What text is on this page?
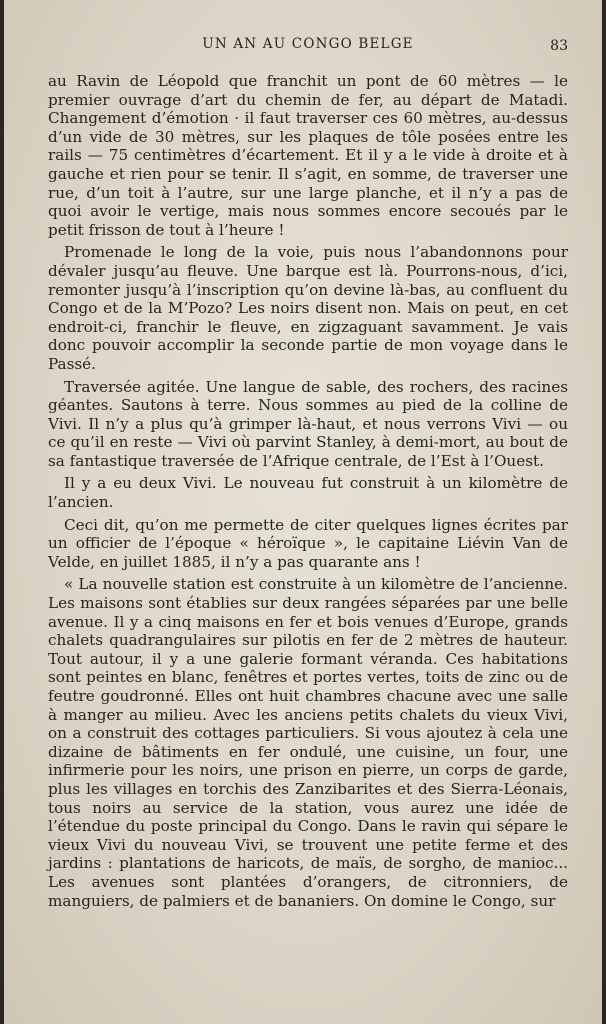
UN AN AU CONGO BELGE	83

au Ravin de Léopold que franchit un pont de 60 mètres — le premier ouvrage d’art du chemin de fer, au départ de Matadi. Changement d’émotion · il faut traverser ces 60 mètres, au-dessus d’un vide de 30 mètres, sur les plaques de tôle posées entre les rails — 75 centimètres d’écartement. Et il y a le vide à droite et à gauche et rien pour se tenir. Il s’agit, en somme, de traverser une rue, d’un toit à l’autre, sur une large planche, et il n’y a pas de quoi avoir le vertige, mais nous sommes encore secoués par le petit frisson de tout à l’heure !

Promenade le long de la voie, puis nous l’abandonnons pour dévaler jusqu’au fleuve. Une barque est là. Pourrons-nous, d’ici, remonter jusqu’à l’inscription qu’on devine là-bas, au confluent du Congo et de la M’Pozo? Les noirs disent non. Mais on peut, en cet endroit-ci, franchir le fleuve, en zigzaguant savamment. Je vais donc pouvoir accomplir la seconde partie de mon voyage dans le Passé.

Traversée agitée. Une langue de sable, des rochers, des racines géantes. Sautons à terre. Nous sommes au pied de la colline de Vivi. Il n’y a plus qu’à grimper là-haut, et nous verrons Vivi — ou ce qu’il en reste — Vivi où parvint Stanley, à demi-mort, au bout de sa fantastique traversée de l’Afrique centrale, de l’Est à l’Ouest.

Il y a eu deux Vivi. Le nouveau fut construit à un kilomètre de l’ancien.

Ceci dit, qu’on me permette de citer quelques lignes écrites par un officier de l’époque « héroïque », le capitaine Liévin Van de Velde, en juillet 1885, il n’y a pas quarante ans !

« La nouvelle station est construite à un kilomètre de l’ancienne. Les maisons sont établies sur deux rangées séparées par une belle avenue. Il y a cinq maisons en fer et bois venues d’Europe, grands chalets quadrangulaires sur pilotis en fer de 2 mètres de hauteur. Tout autour, il y a une galerie formant véranda. Ces habitations sont peintes en blanc, fenêtres et portes vertes, toits de zinc ou de feutre goudronné. Elles ont huit chambres chacune avec une salle à manger au milieu. Avec les anciens petits chalets du vieux Vivi, on a construit des cottages particuliers. Si vous ajoutez à cela une dizaine de bâtiments en fer ondulé, une cuisine, un four, une infirmerie pour les noirs, une prison en pierre, un corps de garde, plus les villages en torchis des Zanzibarites et des Sierra-Léonais, tous noirs au service de la station, vous aurez une idée de l’étendue du poste principal du Congo. Dans le ravin qui sépare le vieux Vivi du nouveau Vivi, se trouvent une petite ferme et des jardins : plantations de haricots, de maïs, de sorgho, de manioc... Les avenues sont plantées d’orangers, de citronniers, de manguiers, de palmiers et de bananiers. On domine le Congo, sur
